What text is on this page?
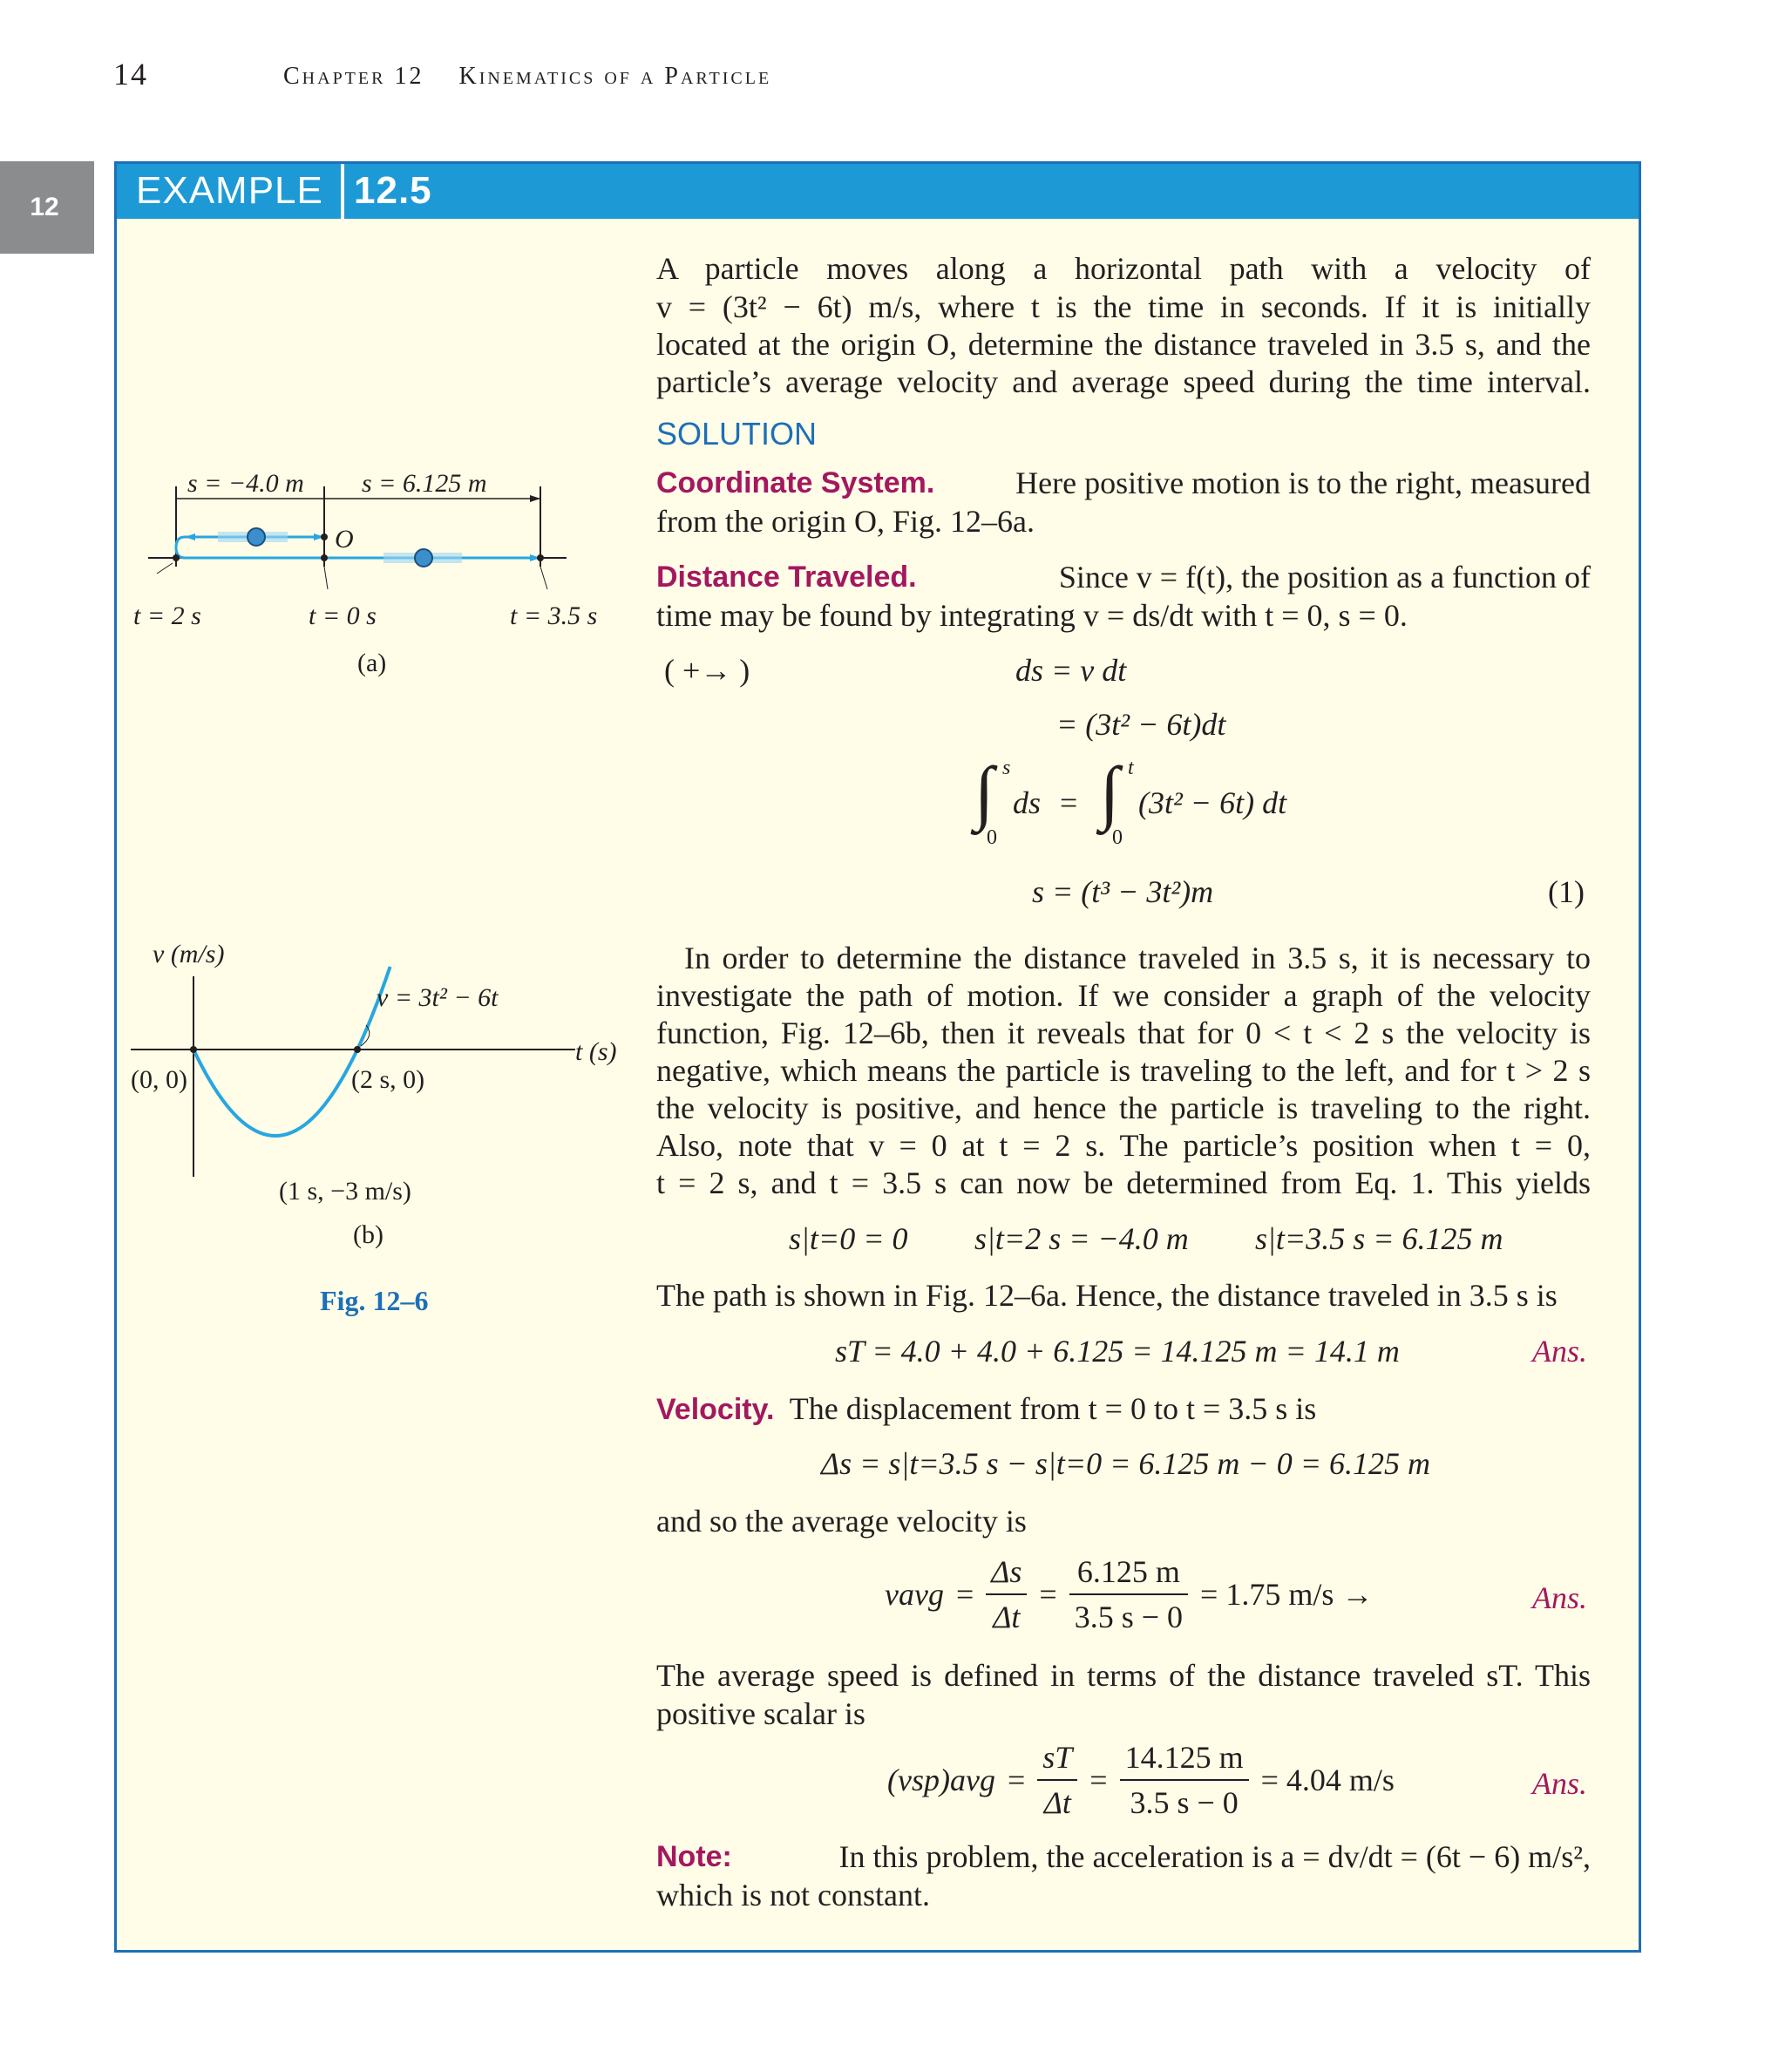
14	Chapter 12 Kinematics of a Particle
12	EXAMPLE 12.5
A particle moves along a horizontal path with a velocity of
v = (3t² − 6t) m/s, where t is the time in seconds. If it is initially
located at the origin O, determine the distance traveled in 3.5 s, and the
particle’s average velocity and average speed during the time interval.
SOLUTION
Coordinate System.	Here positive motion is to the right, measured
from the origin O, Fig. 12–6a.
Distance Traveled.	Since v = f(t), the position as a function of
time may be found by integrating v = ds/dt with t = 0, s = 0.
( +→ )	ds = v dt
= (3t² − 6t)dt
∫ s
0
ds = ∫ t
0
(3t² − 6t) dt
s = (t³ − 3t²)m	(1)
In order to determine the distance traveled in 3.5 s, it is necessary to
investigate the path of motion. If we consider a graph of the velocity
function, Fig. 12–6b, then it reveals that for 0 < t < 2 s the velocity is
negative, which means the particle is traveling to the left, and for t > 2 s
the velocity is positive, and hence the particle is traveling to the right.
Also, note that v = 0 at t = 2 s. The particle’s position when t = 0,
t = 2 s, and t = 3.5 s can now be determined from Eq. 1. This yields
s|t=0 = 0 s|t=2 s = −4.0 m s|t=3.5 s = 6.125 m
The path is shown in Fig. 12–6a. Hence, the distance traveled in 3.5 s is
sT = 4.0 + 4.0 + 6.125 = 14.125 m = 14.1 m	Ans.
Velocity. The displacement from t = 0 to t = 3.5 s is
Δs = s|t=3.5 s − s|t=0 = 6.125 m − 0 = 6.125 m
and so the average velocity is
vavg = $\frac{\Delta s}{\Delta t} = \frac{6.125 m}{3.5 s - 0} = 1.75$ m/s →	Ans.
The average speed is defined in terms of the distance traveled sT. This
positive scalar is
$(vsp)avg = \frac{sT}{\Delta t} = \frac{14.125 m}{3.5 s - 0} = 4.04$ m/s	Ans.
Note:	In this problem, the acceleration is a = dv/dt = (6t − 6) m/s²,
which is not constant.
s = −4.0 m s = 6.125 m
O
t = 2 s	t = 0 s	t = 3.5 s
(a)
v (m/s)
v = 3t² − 6t
t (s)
(0, 0)	(2 s, 0)
(1 s, −3 m/s)
(b)
Fig. 12–6
